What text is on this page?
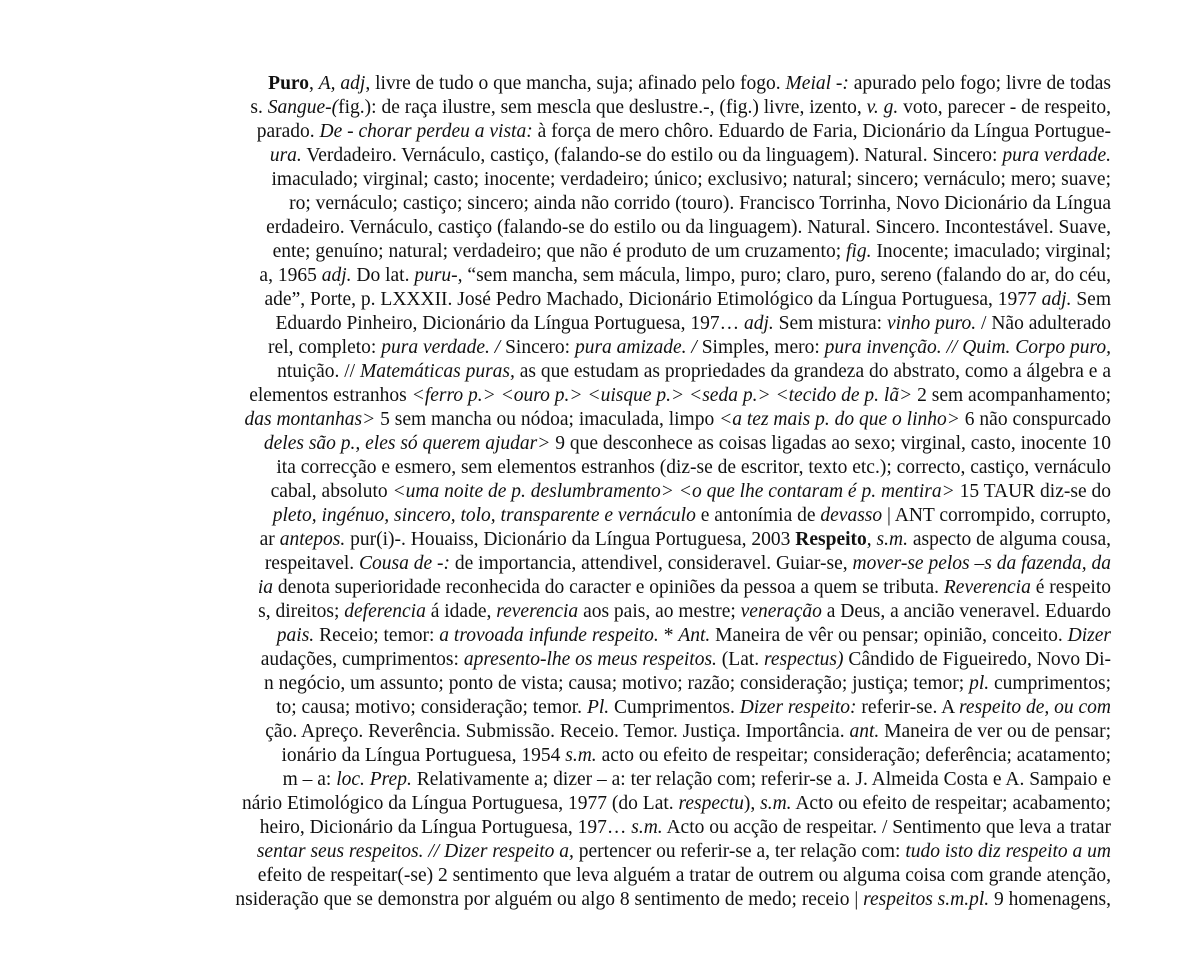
Puro, A, adj, livre de tudo o que mancha, suja; afinado pelo fogo. Meial -: apurado pelo fogo; livre de todas
s. Sangue-(fig.): de raça ilustre, sem mescla que deslustre.-, (fig.) livre, izento, v. g. voto, parecer - de respeito,
parado. De - chorar perdeu a vista: à força de mero chôro. Eduardo de Faria, Dicionário da Língua Portugue-
ura. Verdadeiro. Vernáculo, castiço, (falando-se do estilo ou da linguagem). Natural. Sincero: pura verdade.
imaculado; virginal; casto; inocente; verdadeiro; único; exclusivo; natural; sincero; vernáculo; mero; suave;
ro; vernáculo; castiço; sincero; ainda não corrido (touro). Francisco Torrinha, Novo Dicionário da Língua
erdadeiro. Vernáculo, castiço (falando-se do estilo ou da linguagem). Natural. Sincero. Incontestável. Suave,
ente; genuíno; natural; verdadeiro; que não é produto de um cruzamento; fig. Inocente; imaculado; virginal;
a, 1965 adj. Do lat. puru-, “sem mancha, sem mácula, limpo, puro; claro, puro, sereno (falando do ar, do céu,
ade”, Porte, p. LXXXII. José Pedro Machado, Dicionário Etimológico da Língua Portuguesa, 1977 adj. Sem
Eduardo Pinheiro, Dicionário da Língua Portuguesa, 197… adj. Sem mistura: vinho puro. / Não adulterado
rel, completo: pura verdade. / Sincero: pura amizade. / Simples, mero: pura invenção. // Quim. Corpo puro,
ntuição. // Matemáticas puras, as que estudam as propriedades da grandeza do abstrato, como a álgebra e a
elementos estranhos <ferro p.> <ouro p.> <uisque p.> <seda p.> <tecido de p. lã> 2 sem acompanhamento;
das montanhas> 5 sem mancha ou nódoa; imaculada, limpo <a tez mais p. do que o linho> 6 não conspurcado
deles são p., eles só querem ajudar> 9 que desconhece as coisas ligadas ao sexo; virginal, casto, inocente 10
ita correcção e esmero, sem elementos estranhos (diz-se de escritor, texto etc.); correcto, castiço, vernáculo
cabal, absoluto <uma noite de p. deslumbramento> <o que lhe contaram é p. mentira> 15 TAUR diz-se do
pleto, ingénuo, sincero, tolo, transparente e vernáculo e antonímia de devasso | ANT corrompido, corrupto,
ar antepos. pur(i)-. Houaiss, Dicionário da Língua Portuguesa, 2003 Respeito, s.m. aspecto de alguma cousa,
respeitavel. Cousa de -: de importancia, attendivel, consideravel. Guiar-se, mover-se pelos –s da fazenda, da
ia denota superioridade reconhecida do caracter e opiniões da pessoa a quem se tributa. Reverencia é respeito
s, direitos; deferencia á idade, reverencia aos pais, ao mestre; veneração a Deus, a ancião veneravel. Eduardo
pais. Receio; temor: a trovoada infunde respeito. * Ant. Maneira de vêr ou pensar; opinião, conceito. Dizer
audações, cumprimentos: apresento-lhe os meus respeitos. (Lat. respectus) Cândido de Figueiredo, Novo Di-
n negócio, um assunto; ponto de vista; causa; motivo; razão; consideração; justiça; temor; pl. cumprimentos;
to; causa; motivo; consideração; temor. Pl. Cumprimentos. Dizer respeito: referir-se. A respeito de, ou com
ção. Apreço. Reverência. Submissão. Receio. Temor. Justiça. Importância. ant. Maneira de ver ou de pensar;
ionário da Língua Portuguesa, 1954 s.m. acto ou efeito de respeitar; consideração; deferência; acatamento;
m – a: loc. Prep. Relativamente a; dizer – a: ter relação com; referir-se a. J. Almeida Costa e A. Sampaio e
nário Etimológico da Língua Portuguesa, 1977 (do Lat. respectu), s.m. Acto ou efeito de respeitar; acabamento;
heiro, Dicionário da Língua Portuguesa, 197… s.m. Acto ou acção de respeitar. / Sentimento que leva a tratar
sentar seus respeitos. // Dizer respeito a, pertencer ou referir-se a, ter relação com: tudo isto diz respeito a um
efeito de respeitar(-se) 2 sentimento que leva alguém a tratar de outrem ou alguma coisa com grande atenção,
nsideração que se demonstra por alguém ou algo 8 sentimento de medo; receio | respeitos s.m.pl. 9 homenagens,
